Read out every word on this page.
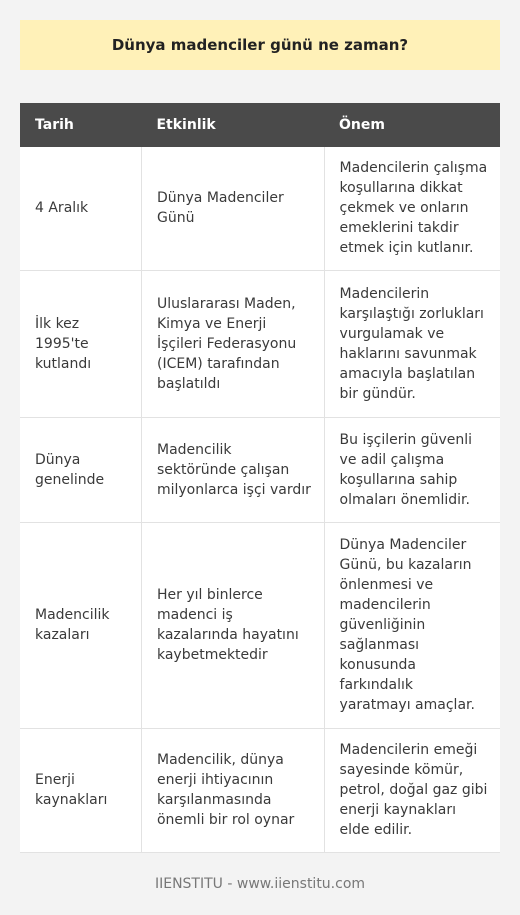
Dünya madenciler günü ne zaman?
Tarih	Etkinlik	Önem
4 Aralık	Dünya Madenciler Günü	Madencilerin çalışma koşullarına dikkat çekmek ve onların emeklerini takdir etmek için kutlanır.
İlk kez 1995'te kutlandı	Uluslararası Maden, Kimya ve Enerji İşçileri Federasyonu (ICEM) tarafından başlatıldı	Madencilerin karşılaştığı zorlukları vurgulamak ve haklarını savunmak amacıyla başlatılan bir gündür.
Dünya genelinde	Madencilik sektöründe çalışan milyonlarca işçi vardır	Bu işçilerin güvenli ve adil çalışma koşullarına sahip olmaları önemlidir.
Madencilik kazaları	Her yıl binlerce madenci iş kazalarında hayatını kaybetmektedir	Dünya Madenciler Günü, bu kazaların önlenmesi ve madencilerin güvenliğinin sağlanması konusunda farkındalık yaratmayı amaçlar.
Enerji kaynakları	Madencilik, dünya enerji ihtiyacının karşılanmasında önemli bir rol oynar	Madencilerin emeği sayesinde kömür, petrol, doğal gaz gibi enerji kaynakları elde edilir.
IIENSTITU - www.iienstitu.com
